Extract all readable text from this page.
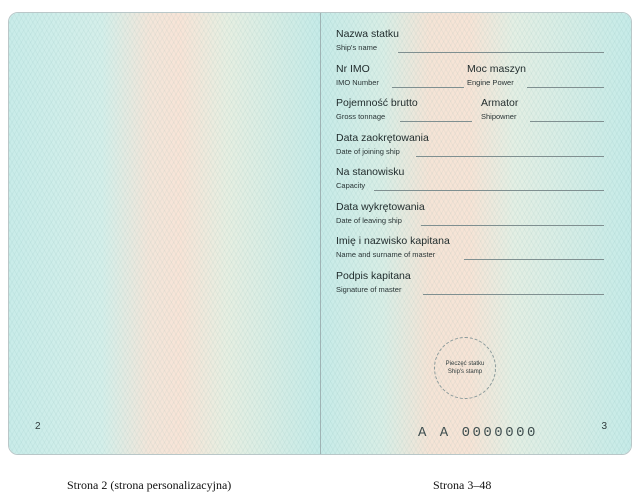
2	3
Nazwa statku
Ship's name
Nr IMO
IMO Number
Moc maszyn
Engine Power
Pojemność brutto
Gross tonnage
Armator
Shipowner
Data zaokrętowania
Date of joining ship
Na stanowisku
Capacity
Data wykrętowania
Date of leaving ship
Imię i nazwisko kapitana
Name and surname of master
Podpis kapitana
Signature of master
Pieczęć statku
Ship's stamp
A A 0000000
Strona 2 (strona personalizacyjna)	Strona 3–48
